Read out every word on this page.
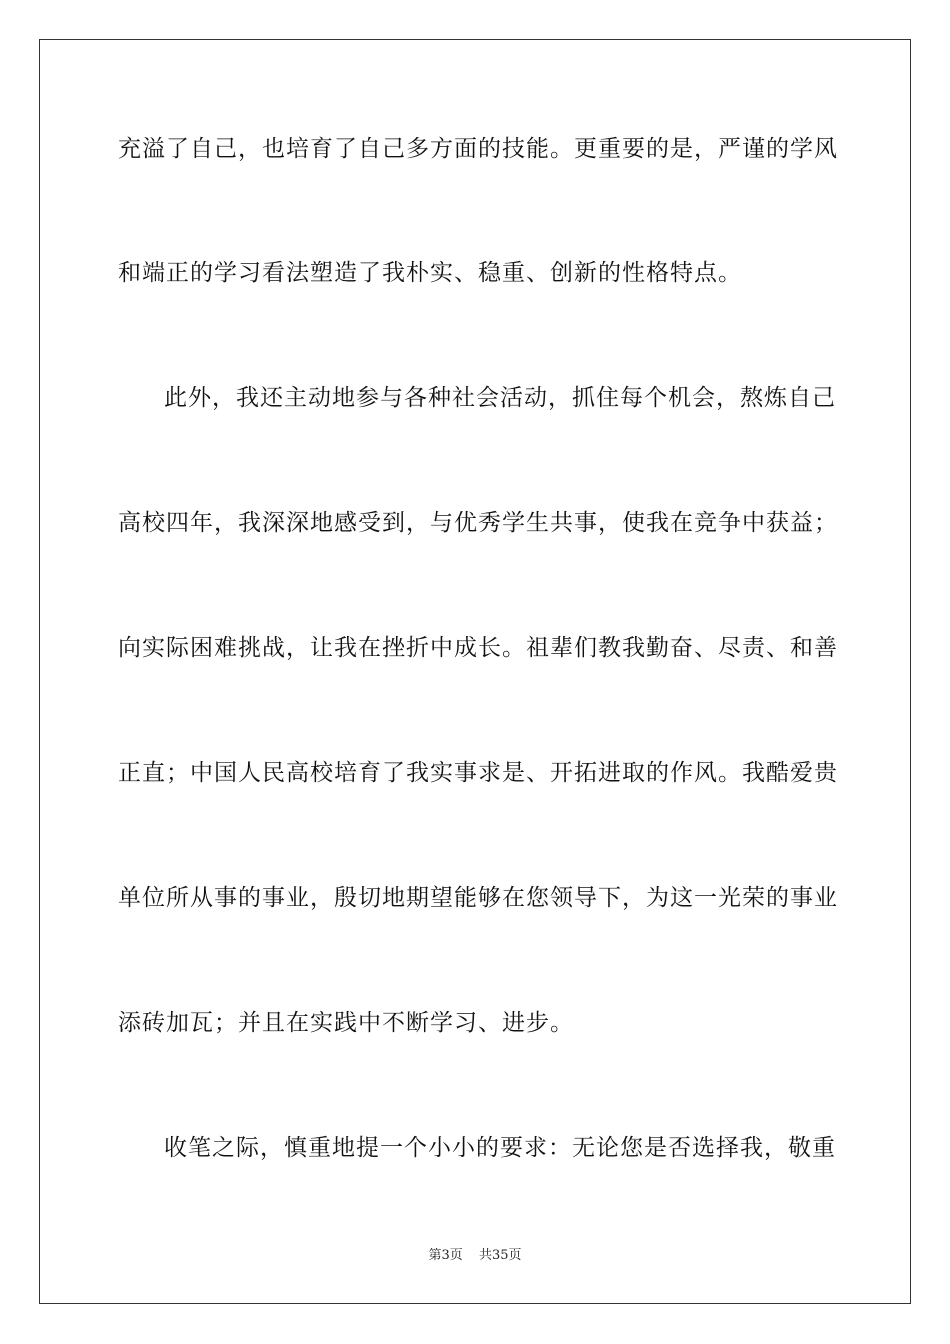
充溢了自己，也培育了自己多方面的技能。更重要的是，严谨的学风
和端正的学习看法塑造了我朴实、稳重、创新的性格特点。
此外，我还主动地参与各种社会活动，抓住每个机会，熬炼自己
高校四年，我深深地感受到，与优秀学生共事，使我在竞争中获益；
向实际困难挑战，让我在挫折中成长。祖辈们教我勤奋、尽责、和善
正直；中国人民高校培育了我实事求是、开拓进取的作风。我酷爱贵
单位所从事的事业，殷切地期望能够在您领导下，为这一光荣的事业
添砖加瓦；并且在实践中不断学习、进步。
收笔之际，慎重地提一个小小的要求：无论您是否选择我，敬重
第3页 共35页
